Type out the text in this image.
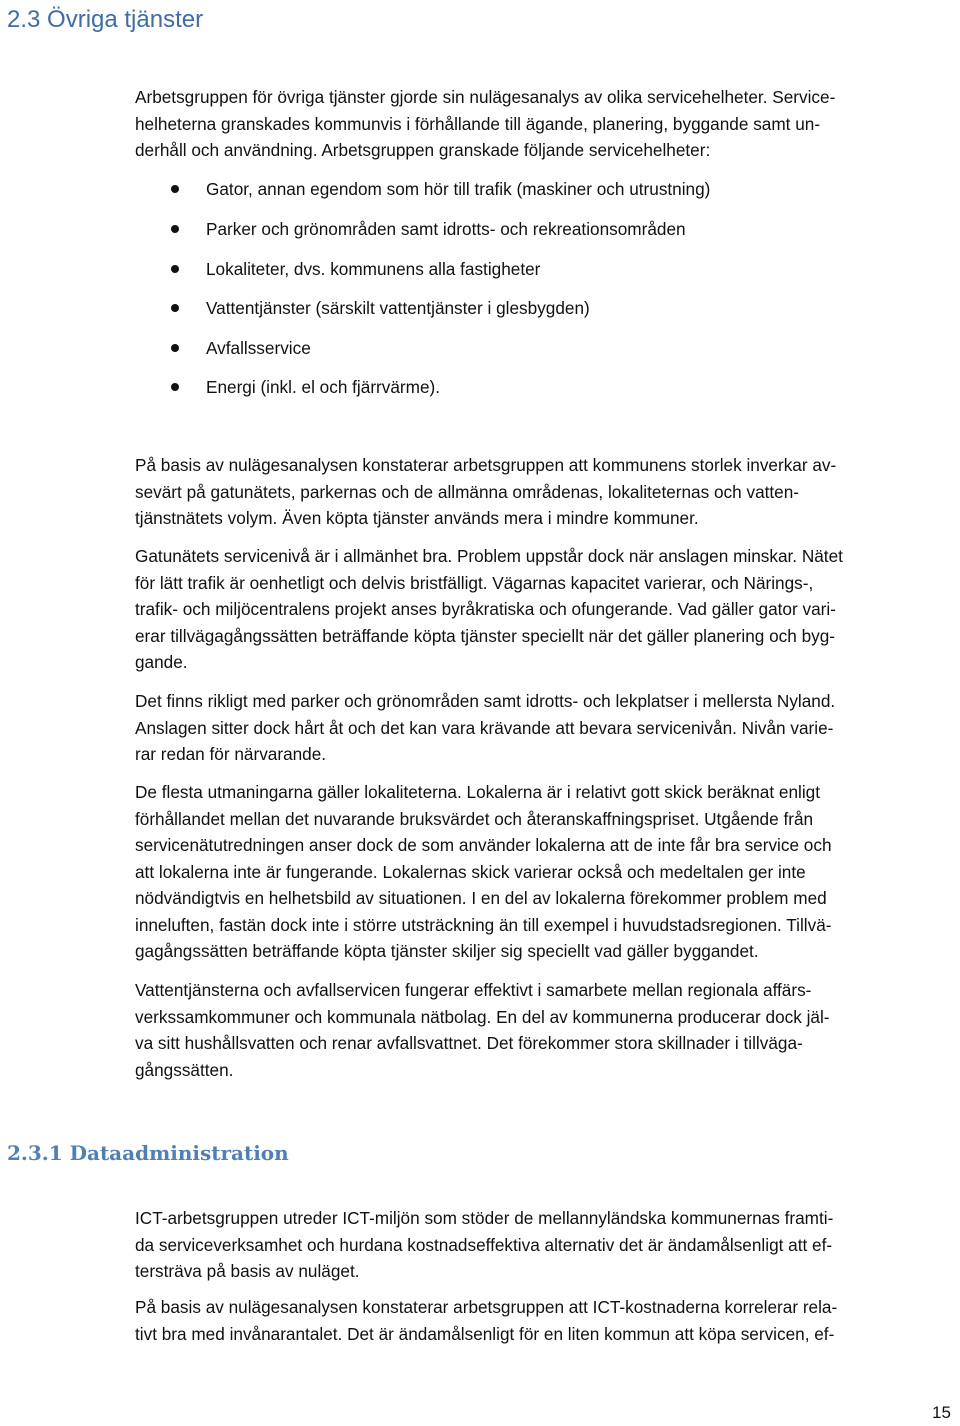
2.3 Övriga tjänster
Arbetsgruppen för övriga tjänster gjorde sin nulägesanalys av olika servicehelheter. Service-
helheterna granskades kommunvis i förhållande till ägande, planering, byggande samt un-
derhåll och användning. Arbetsgruppen granskade följande servicehelheter:
Gator, annan egendom som hör till trafik (maskiner och utrustning)
Parker och grönområden samt idrotts- och rekreationsområden
Lokaliteter, dvs. kommunens alla fastigheter
Vattentjänster (särskilt vattentjänster i glesbygden)
Avfallsservice
Energi (inkl. el och fjärrvärme).
På basis av nulägesanalysen konstaterar arbetsgruppen att kommunens storlek inverkar av-
sevärt på gatunätets, parkernas och de allmänna områdenas, lokaliteternas och vatten-
tjänstnätets volym. Även köpta tjänster används mera i mindre kommuner.
Gatunätets servicenivå är i allmänhet bra. Problem uppstår dock när anslagen minskar. Nätet
för lätt trafik är oenhetligt och delvis bristfälligt. Vägarnas kapacitet varierar, och Närings-,
trafik- och miljöcentralens projekt anses byråkratiska och ofungerande. Vad gäller gator vari-
erar tillvägagångssätten beträffande köpta tjänster speciellt när det gäller planering och byg-
gande.
Det finns rikligt med parker och grönområden samt idrotts- och lekplatser i mellersta Nyland.
Anslagen sitter dock hårt åt och det kan vara krävande att bevara servicenivån. Nivån varie-
rar redan för närvarande.
De flesta utmaningarna gäller lokaliteterna. Lokalerna är i relativt gott skick beräknat enligt
förhållandet mellan det nuvarande bruksvärdet och återanskaffningspriset. Utgående från
servicenätutredningen anser dock de som använder lokalerna att de inte får bra service och
att lokalerna inte är fungerande. Lokalernas skick varierar också och medeltalen ger inte
nödvändigtvis en helhetsbild av situationen. I en del av lokalerna förekommer problem med
inneluften, fastän dock inte i större utsträckning än till exempel i huvudstadsregionen. Tillvä-
gagångssätten beträffande köpta tjänster skiljer sig speciellt vad gäller byggandet.
Vattentjänsterna och avfallservicen fungerar effektivt i samarbete mellan regionala affärs-
verkssamkommuner och kommunala nätbolag. En del av kommunerna producerar dock jäl-
va sitt hushållsvatten och renar avfallsvattnet. Det förekommer stora skillnader i tillväga-
gångssätten.
2.3.1 Dataadministration
ICT-arbetsgruppen utreder ICT-miljön som stöder de mellannyländska kommunernas framti-
da serviceverksamhet och hurdana kostnadseffektiva alternativ det är ändamålsenligt att ef-
tersträva på basis av nuläget.
På basis av nulägesanalysen konstaterar arbetsgruppen att ICT-kostnaderna korrelerar rela-
tivt bra med invånarantalet. Det är ändamålsenligt för en liten kommun att köpa servicen, ef-
15
